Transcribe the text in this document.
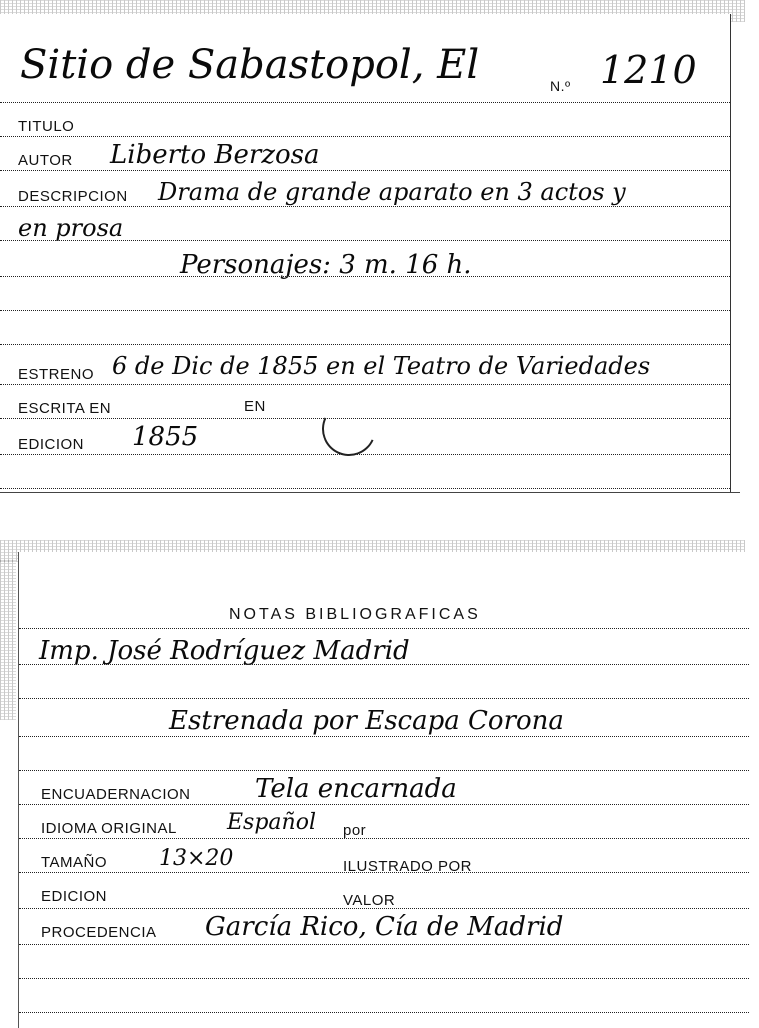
Sitio de Sabastopol, El	N.º 1210
TITULO
AUTOR Liberto Berzosa
DESCRIPCION Drama de grande aparato en 3 actos y
en prosa
Personajes: 3 m. 16 h.
ESTRENO 6 de Dic de 1855 en el Teatro de Variedades
ESCRITA EN	EN
EDICION 1855
NOTAS BIBLIOGRAFICAS
Imp. José Rodríguez Madrid
Estrenada por Escapa Corona
ENCUADERNACION Tela encarnada
IDIOMA ORIGINAL Español por
TAMAÑO 13×20	ILUSTRADO POR
EDICION	VALOR
PROCEDENCIA García Rico, Cía de Madrid
